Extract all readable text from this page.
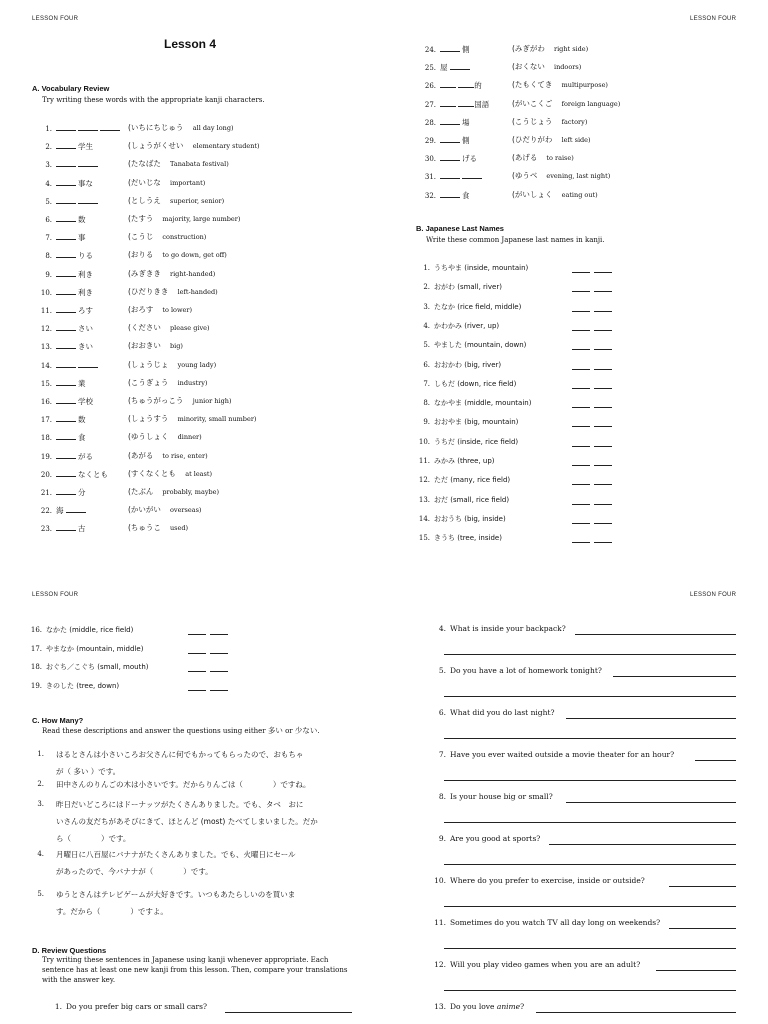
LESSON FOUR	LESSON FOUR
Lesson 4
A. Vocabulary Review
Try writing these words with the appropriate kanji characters.
1.	(いちにちじゅう all day long)
2.	学生	(しょうがくせい elementary student)
3.	(たなばた Tanabata festival)
4.	事な	(だいじな important)
5.	(としうえ superior, senior)
6.	数	(たすう majority, large number)
7.	事	(こうじ construction)
8.	りる	(おりる to go down, get off)
9.	利き	(みぎきき right-handed)
10.	利き	(ひだりきき left-handed)
11.	ろす	(おろす to lower)
12.	さい	(ください please give)
13.	きい	(おおきい big)
14.	(しょうじょ young lady)
15.	業	(こうぎょう industry)
16.	学校	(ちゅうがっこう junior high)
17.	数	(しょうすう minority, small number)
18.	食	(ゆうしょく dinner)
19.	がる	(あがる to rise, enter)
20.	なくとも	(すくなくとも at least)
21.	分	(たぶん probably, maybe)
22. 海	(かいがい overseas)
23.	古	(ちゅうこ used)
24.	側	(みぎがわ right side)
25. 屋	(おくない indoors)
26.	的	(たもくてき multipurpose)
27.	国語	(がいこくご foreign language)
28.	場	(こうじょう factory)
29.	側	(ひだりがわ left side)
30.	げる	(あげる to raise)
31.	(ゆうべ evening, last night)
32.	食	(がいしょく eating out)
B. Japanese Last Names
Write these common Japanese last names in kanji.
1. うちやま (inside, mountain)
2. おがわ (small, river)
3. たなか (rice field, middle)
4. かわかみ (river, up)
5. やました (mountain, down)
6. おおかわ (big, river)
7. しもだ (down, rice field)
8. なかやま (middle, mountain)
9. おおやま (big, mountain)
10. うちだ (inside, rice field)
11. みかみ (three, up)
12. ただ (many, rice field)
13. おだ (small, rice field)
14. おおうち (big, inside)
15. きうち (tree, inside)
LESSON FOUR	LESSON FOUR
16. なかた (middle, rice field)
17. やまなか (mountain, middle)
18. おぐち／こぐち (small, mouth)
19. きのした (tree, down)
C. How Many?
Read these descriptions and answer the questions using either 多い or 少ない.
1. はるとさんは小さいころお父さんに何でもかってもらったので、おもちゃ
が（ 多い ）です。
2. 田中さんのりんごの木は小さいです。だからりんごは（　　　　）ですね。
3. 昨日だいどころにはドーナッツがたくさんありました。でも、タベ　おに
いさんの友だちがあそびにきて、ほとんど (most) たべてしまいました。だか
ら（　　　　）です。
4. 月曜日に八百屋にバナナがたくさんありました。でも、火曜日にセール
があったので、今バナナが（　　　　）です。
5. ゆうとさんはテレビゲームが大好きです。いつもあたらしいのを買いま
す。だから（　　　　）ですよ。
D. Review Questions
Try writing these sentences in Japanese using kanji whenever appropriate. Each
sentence has at least one new kanji from this lesson. Then, compare your translations
with the answer key.
1. Do you prefer big cars or small cars?
4. What is inside your backpack?
5. Do you have a lot of homework tonight?
6. What did you do last night?
7. Have you ever waited outside a movie theater for an hour?
8. Is your house big or small?
9. Are you good at sports?
10. Where do you prefer to exercise, inside or outside?
11. Sometimes do you watch TV all day long on weekends?
12. Will you play video games when you are an adult?
13. Do you love anime?
